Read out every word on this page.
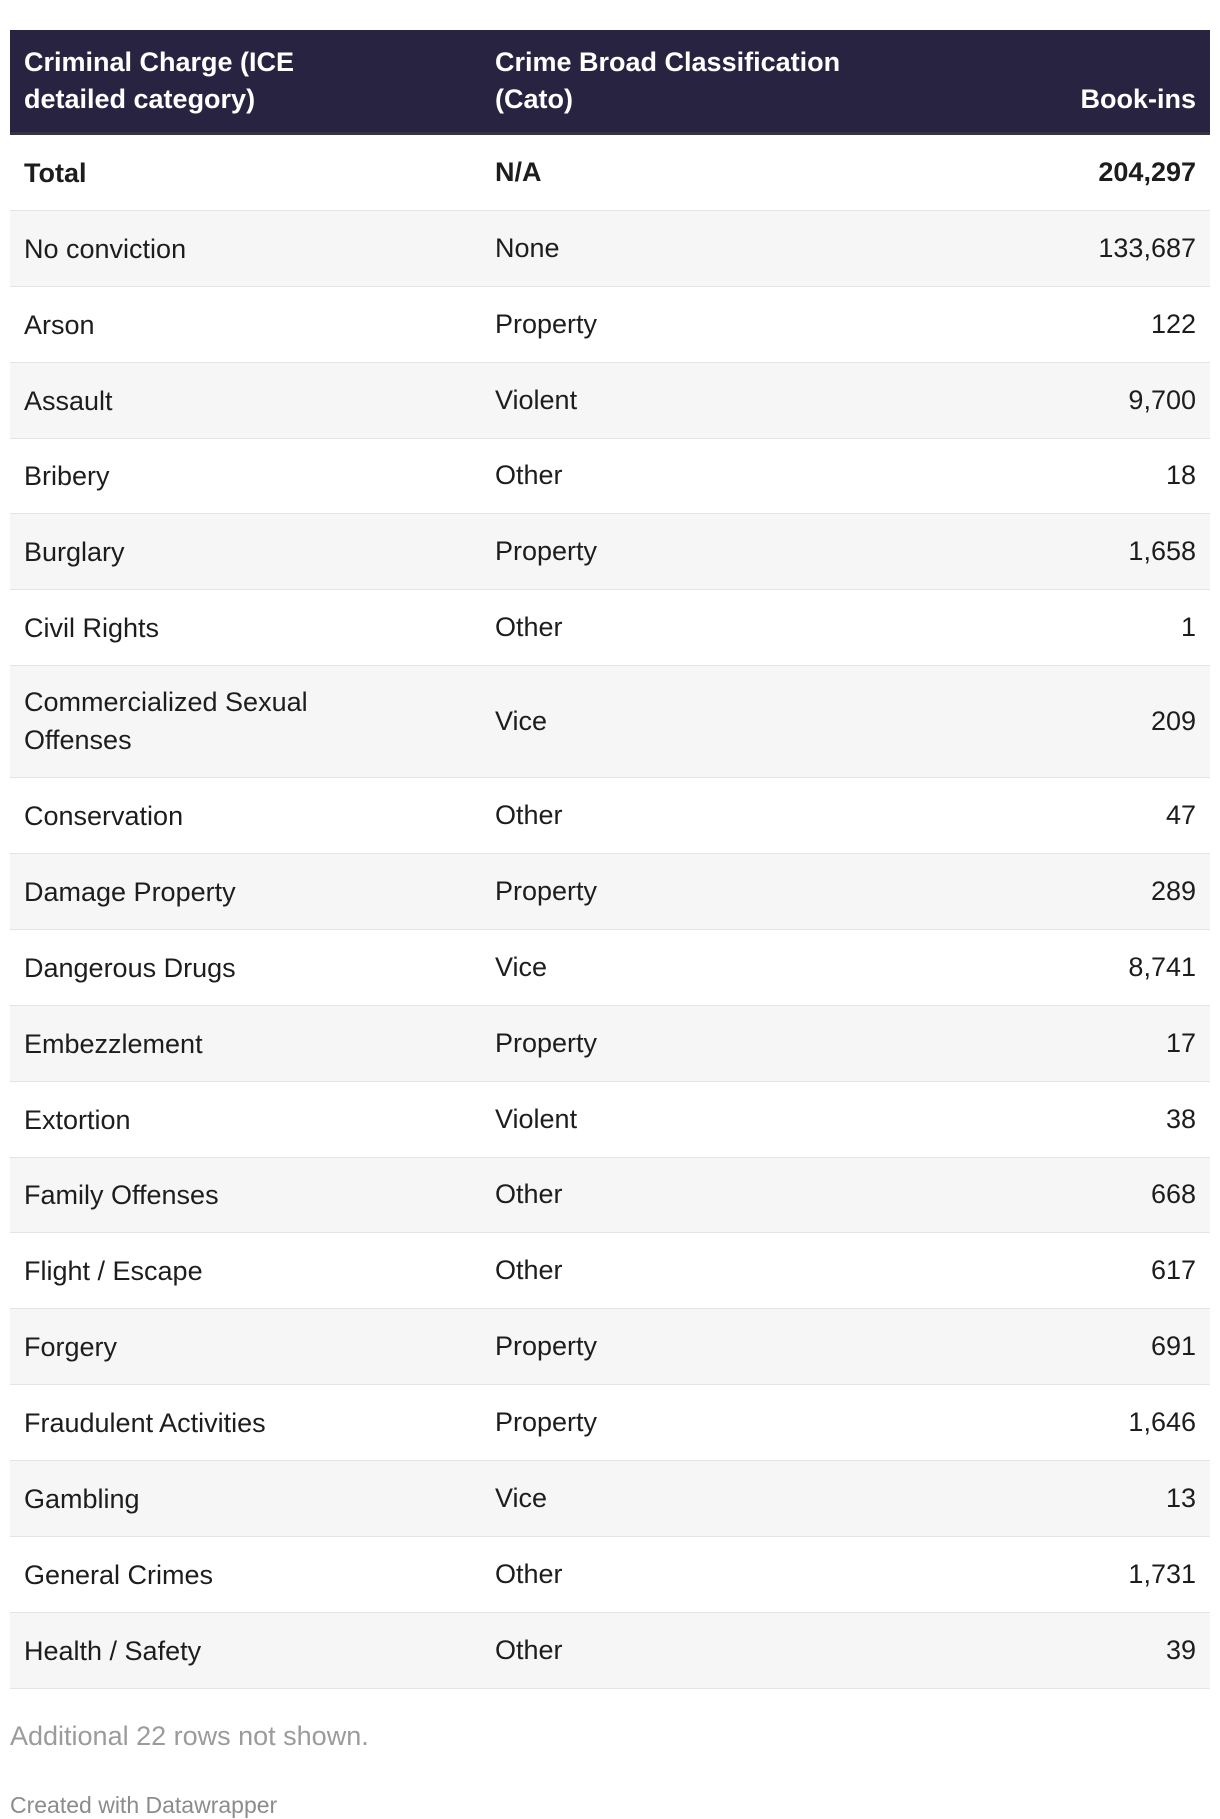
Criminal Charge (ICE detailed category)	Crime Broad Classification (Cato)	Book-ins
Total	N/A	204,297
No conviction	None	133,687
Arson	Property	122
Assault	Violent	9,700
Bribery	Other	18
Burglary	Property	1,658
Civil Rights	Other	1
Commercialized Sexual Offenses	Vice	209
Conservation	Other	47
Damage Property	Property	289
Dangerous Drugs	Vice	8,741
Embezzlement	Property	17
Extortion	Violent	38
Family Offenses	Other	668
Flight / Escape	Other	617
Forgery	Property	691
Fraudulent Activities	Property	1,646
Gambling	Vice	13
General Crimes	Other	1,731
Health / Safety	Other	39
Additional 22 rows not shown.
Created with Datawrapper
